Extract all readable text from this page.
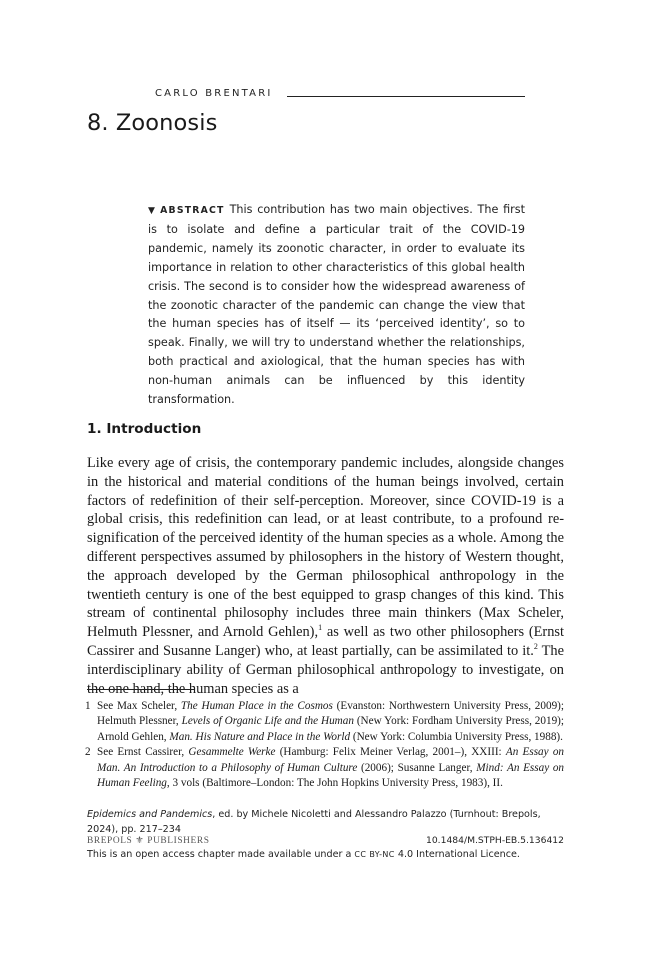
CARLO BRENTARI
8. Zoonosis
▼ ABSTRACT This contribution has two main objectives. The first is to isolate and define a particular trait of the COVID-19 pandemic, namely its zoonotic character, in order to evaluate its importance in relation to other characteristics of this global health crisis. The second is to consider how the widespread awareness of the zoonotic character of the pandemic can change the view that the human species has of itself — its ‘perceived identity’, so to speak. Finally, we will try to understand whether the relationships, both practical and axiological, that the human species has with non-human animals can be influenced by this identity transformation.
1. Introduction

Like every age of crisis, the contemporary pandemic includes, alongside changes in the historical and material conditions of the human beings involved, certain factors of redefinition of their self-perception. Moreover, since COVID-19 is a global crisis, this redefinition can lead, or at least contribute, to a profound re-signification of the perceived identity of the human species as a whole. Among the different perspectives assumed by philosophers in the history of Western thought, the approach developed by the German philosophical anthropology in the twentieth century is one of the best equipped to grasp changes of this kind. This stream of continental philosophy includes three main thinkers (Max Scheler, Helmuth Plessner, and Arnold Gehlen),$^1$ as well as two other philosophers (Ernst Cassirer and Susanne Langer) who, at least partially, can be assimilated to it.$^2$ The interdisciplinary ability of German philosophical anthropology to investigate, on the one hand, the human species as a

1 See Max Scheler, The Human Place in the Cosmos (Evanston: Northwestern University Press, 2009); Helmuth Plessner, Levels of Organic Life and the Human (New York: Fordham University Press, 2019); Arnold Gehlen, Man. His Nature and Place in the World (New York: Columbia University Press, 1988).
2 See Ernst Cassirer, Gesammelte Werke (Hamburg: Felix Meiner Verlag, 2001–), XXIII: An Essay on Man. An Introduction to a Philosophy of Human Culture (2006); Susanne Langer, Mind: An Essay on Human Feeling, 3 vols (Baltimore–London: The John Hopkins University Press, 1983), II.
Epidemics and Pandemics, ed. by Michele Nicoletti and Alessandro Palazzo (Turnhout: Brepols, 2024), pp. 217–234
BREPOLS ⚜ PUBLISHERS	10.1484/M.STPH-EB.5.136412
This is an open access chapter made available under a CC BY-NC 4.0 International Licence.
